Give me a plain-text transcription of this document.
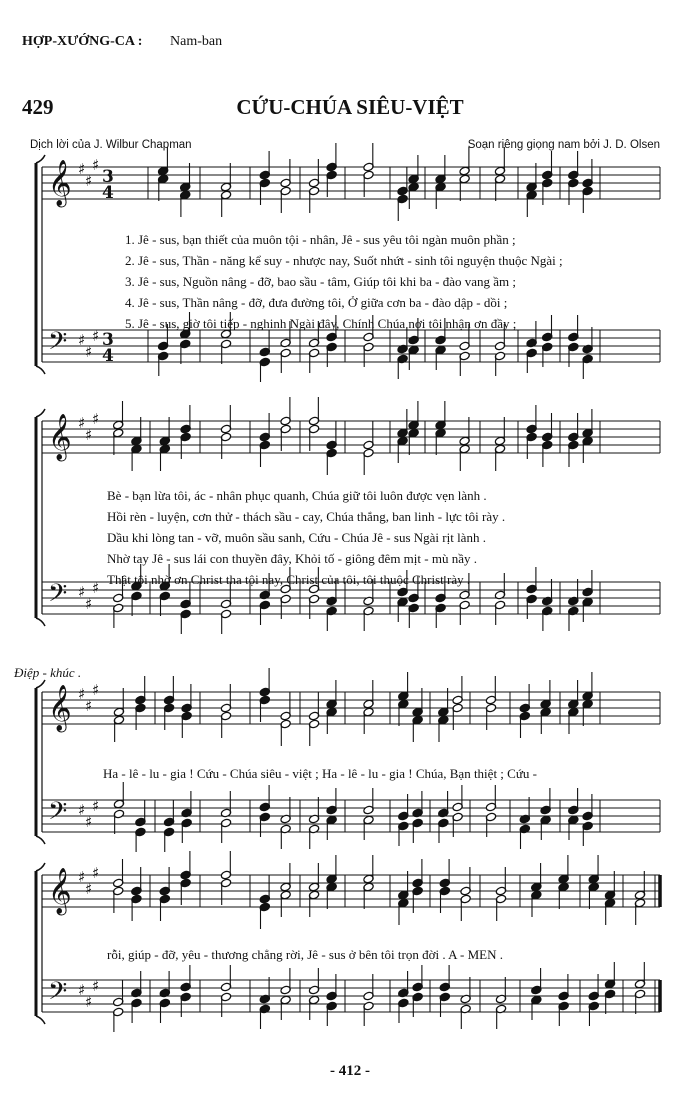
HỢP-XƯỚNG-CA : Nam-ban
429	CỨU-CHÚA SIÊU-VIỆT
Dịch lời của J. Wilbur Chapman	Soạn riêng giọng nam bởi J. D. Olsen
𝄞
𝄢
♯
♯
♯
♯
♯
♯
3
4
3
4
𝄞
𝄢
♯
♯
♯
♯
♯
♯
𝄞
𝄢
♯
♯
♯
♯
♯
♯
𝄞
𝄢
♯
♯
♯
♯
♯
♯
1. Jê - sus, bạn thiết của muôn tội - nhân, Jê - sus yêu tôi ngàn muôn phần ;
2. Jê - sus, Thần - năng kể suy - nhược nay, Suốt nhứt - sinh tôi nguyện thuộc Ngài ;
3. Jê - sus, Nguồn nâng - đỡ, bao sầu - tâm, Giúp tôi khi ba - đào vang ầm ;
4. Jê - sus, Thần nâng - đỡ, đưa đường tôi, Ở giữa cơn ba - đào dập - dồi ;
5. Jê - sus, giờ tôi tiếp - nghinh Ngài đây, Chính Chúa nơi tôi nhận ơn đầy ;
Bè - bạn lừa tôi, ác - nhân phục quanh, Chúa giữ tôi luôn được vẹn lành .
Hồi rèn - luyện, cơn thử - thách sầu - cay, Chúa thắng, ban linh - lực tôi rày .
Dầu khi lòng tan - vỡ, muôn sầu sanh, Cứu - Chúa Jê - sus Ngài rịt lành .
Nhờ tay Jê - sus lái con thuyền đây, Khỏi tố - giông đêm mịt - mù nầy .
Thật tôi nhờ ơn Christ tha tội nay, Christ của tôi, tôi thuộc Christ rày .
Điệp - khúc .
Ha - lê - lu - gia ! Cứu - Chúa siêu - việt ; Ha - lê - lu - gia ! Chúa, Bạn thiệt ; Cứu -
rỗi, giúp - đỡ, yêu - thương chẳng rời, Jê - sus ở bên tôi trọn đời . A - MEN .
- 412 -
